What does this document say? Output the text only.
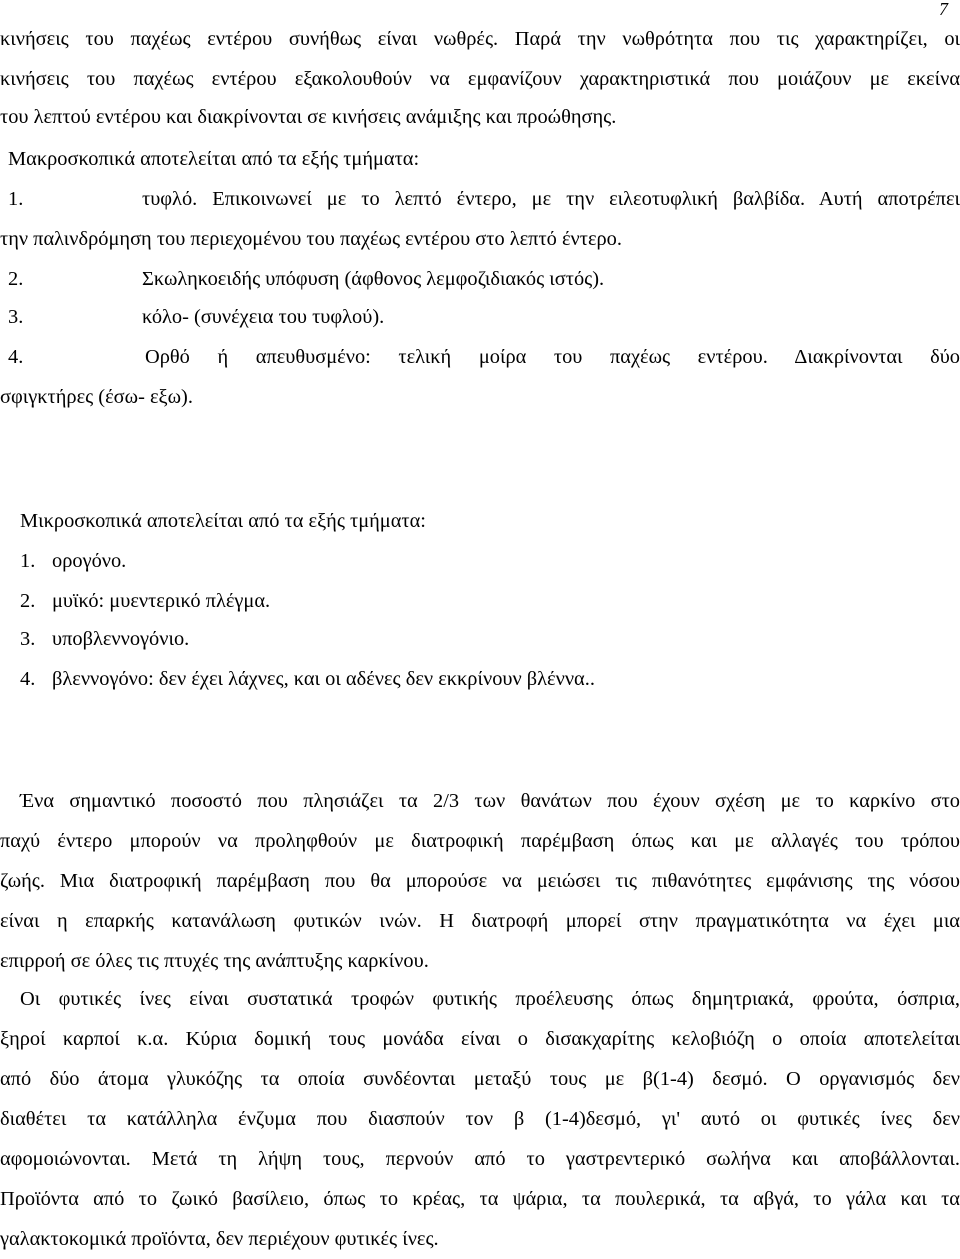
7
κινήσεις του παχέως εντέρου συνήθως είναι νωθρές. Παρά την νωθρότητα που τις χαρακτηρίζει, οι
κινήσεις του παχέως εντέρου εξακολουθούν να εμφανίζουν χαρακτηριστικά που μοιάζουν με εκείνα
του λεπτού εντέρου και διακρίνονται σε κινήσεις ανάμιξης και προώθησης.
Μακροσκοπικά αποτελείται από τα εξής τμήματα:
1.	τυφλό. Επικοινωνεί με το λεπτό έντερο, με την ειλεοτυφλική βαλβίδα. Αυτή αποτρέπει
την παλινδρόμηση του περιεχομένου του παχέως εντέρου στο λεπτό έντερο.
2.	Σκωληκοειδής υπόφυση (άφθονος λεμφοζιδιακός ιστός).
3.	κόλο- (συνέχεια του τυφλού).
4.	Ορθό ή απευθυσμένο: τελική μοίρα του παχέως εντέρου. Διακρίνονται δύο
σφιγκτήρες (έσω- εξω).
Μικροσκοπικά αποτελείται από τα εξής τμήματα:
1. ορογόνο.
2. μυϊκό: μυεντερικό πλέγμα.
3. υποβλεννογόνιο.
4. βλεννογόνο: δεν έχει λάχνες, και οι αδένες δεν εκκρίνουν βλέννα..
Ένα σημαντικό ποσοστό που πλησιάζει τα 2/3 των θανάτων που έχουν σχέση με το καρκίνο στο
παχύ έντερο μπορούν να προληφθούν με διατροφική παρέμβαση όπως και με αλλαγές του τρόπου
ζωής. Μια διατροφική παρέμβαση που θα μπορούσε να μειώσει τις πιθανότητες εμφάνισης της νόσου
είναι η επαρκής κατανάλωση φυτικών ινών. Η διατροφή μπορεί στην πραγματικότητα να έχει μια
επιρροή σε όλες τις πτυχές της ανάπτυξης καρκίνου.
Οι φυτικές ίνες είναι συστατικά τροφών φυτικής προέλευσης όπως δημητριακά, φρούτα, όσπρια,
ξηροί καρποί κ.α. Κύρια δομική τους μονάδα είναι ο δισακχαρίτης κελοβιόζη ο οποία αποτελείται
από δύο άτομα γλυκόζης τα οποία συνδέονται μεταξύ τους με β(1-4) δεσμό. Ο οργανισμός δεν
διαθέτει τα κατάλληλα ένζυμα που διασπούν τον β (1-4)δεσμό, γι' αυτό οι φυτικές ίνες δεν
αφομοιώνονται. Μετά τη λήψη τους, περνούν από το γαστρεντερικό σωλήνα και αποβάλλονται.
Προϊόντα από το ζωικό βασίλειο, όπως το κρέας, τα ψάρια, τα πουλερικά, τα αβγά, το γάλα και τα
γαλακτοκομικά προϊόντα, δεν περιέχουν φυτικές ίνες.
